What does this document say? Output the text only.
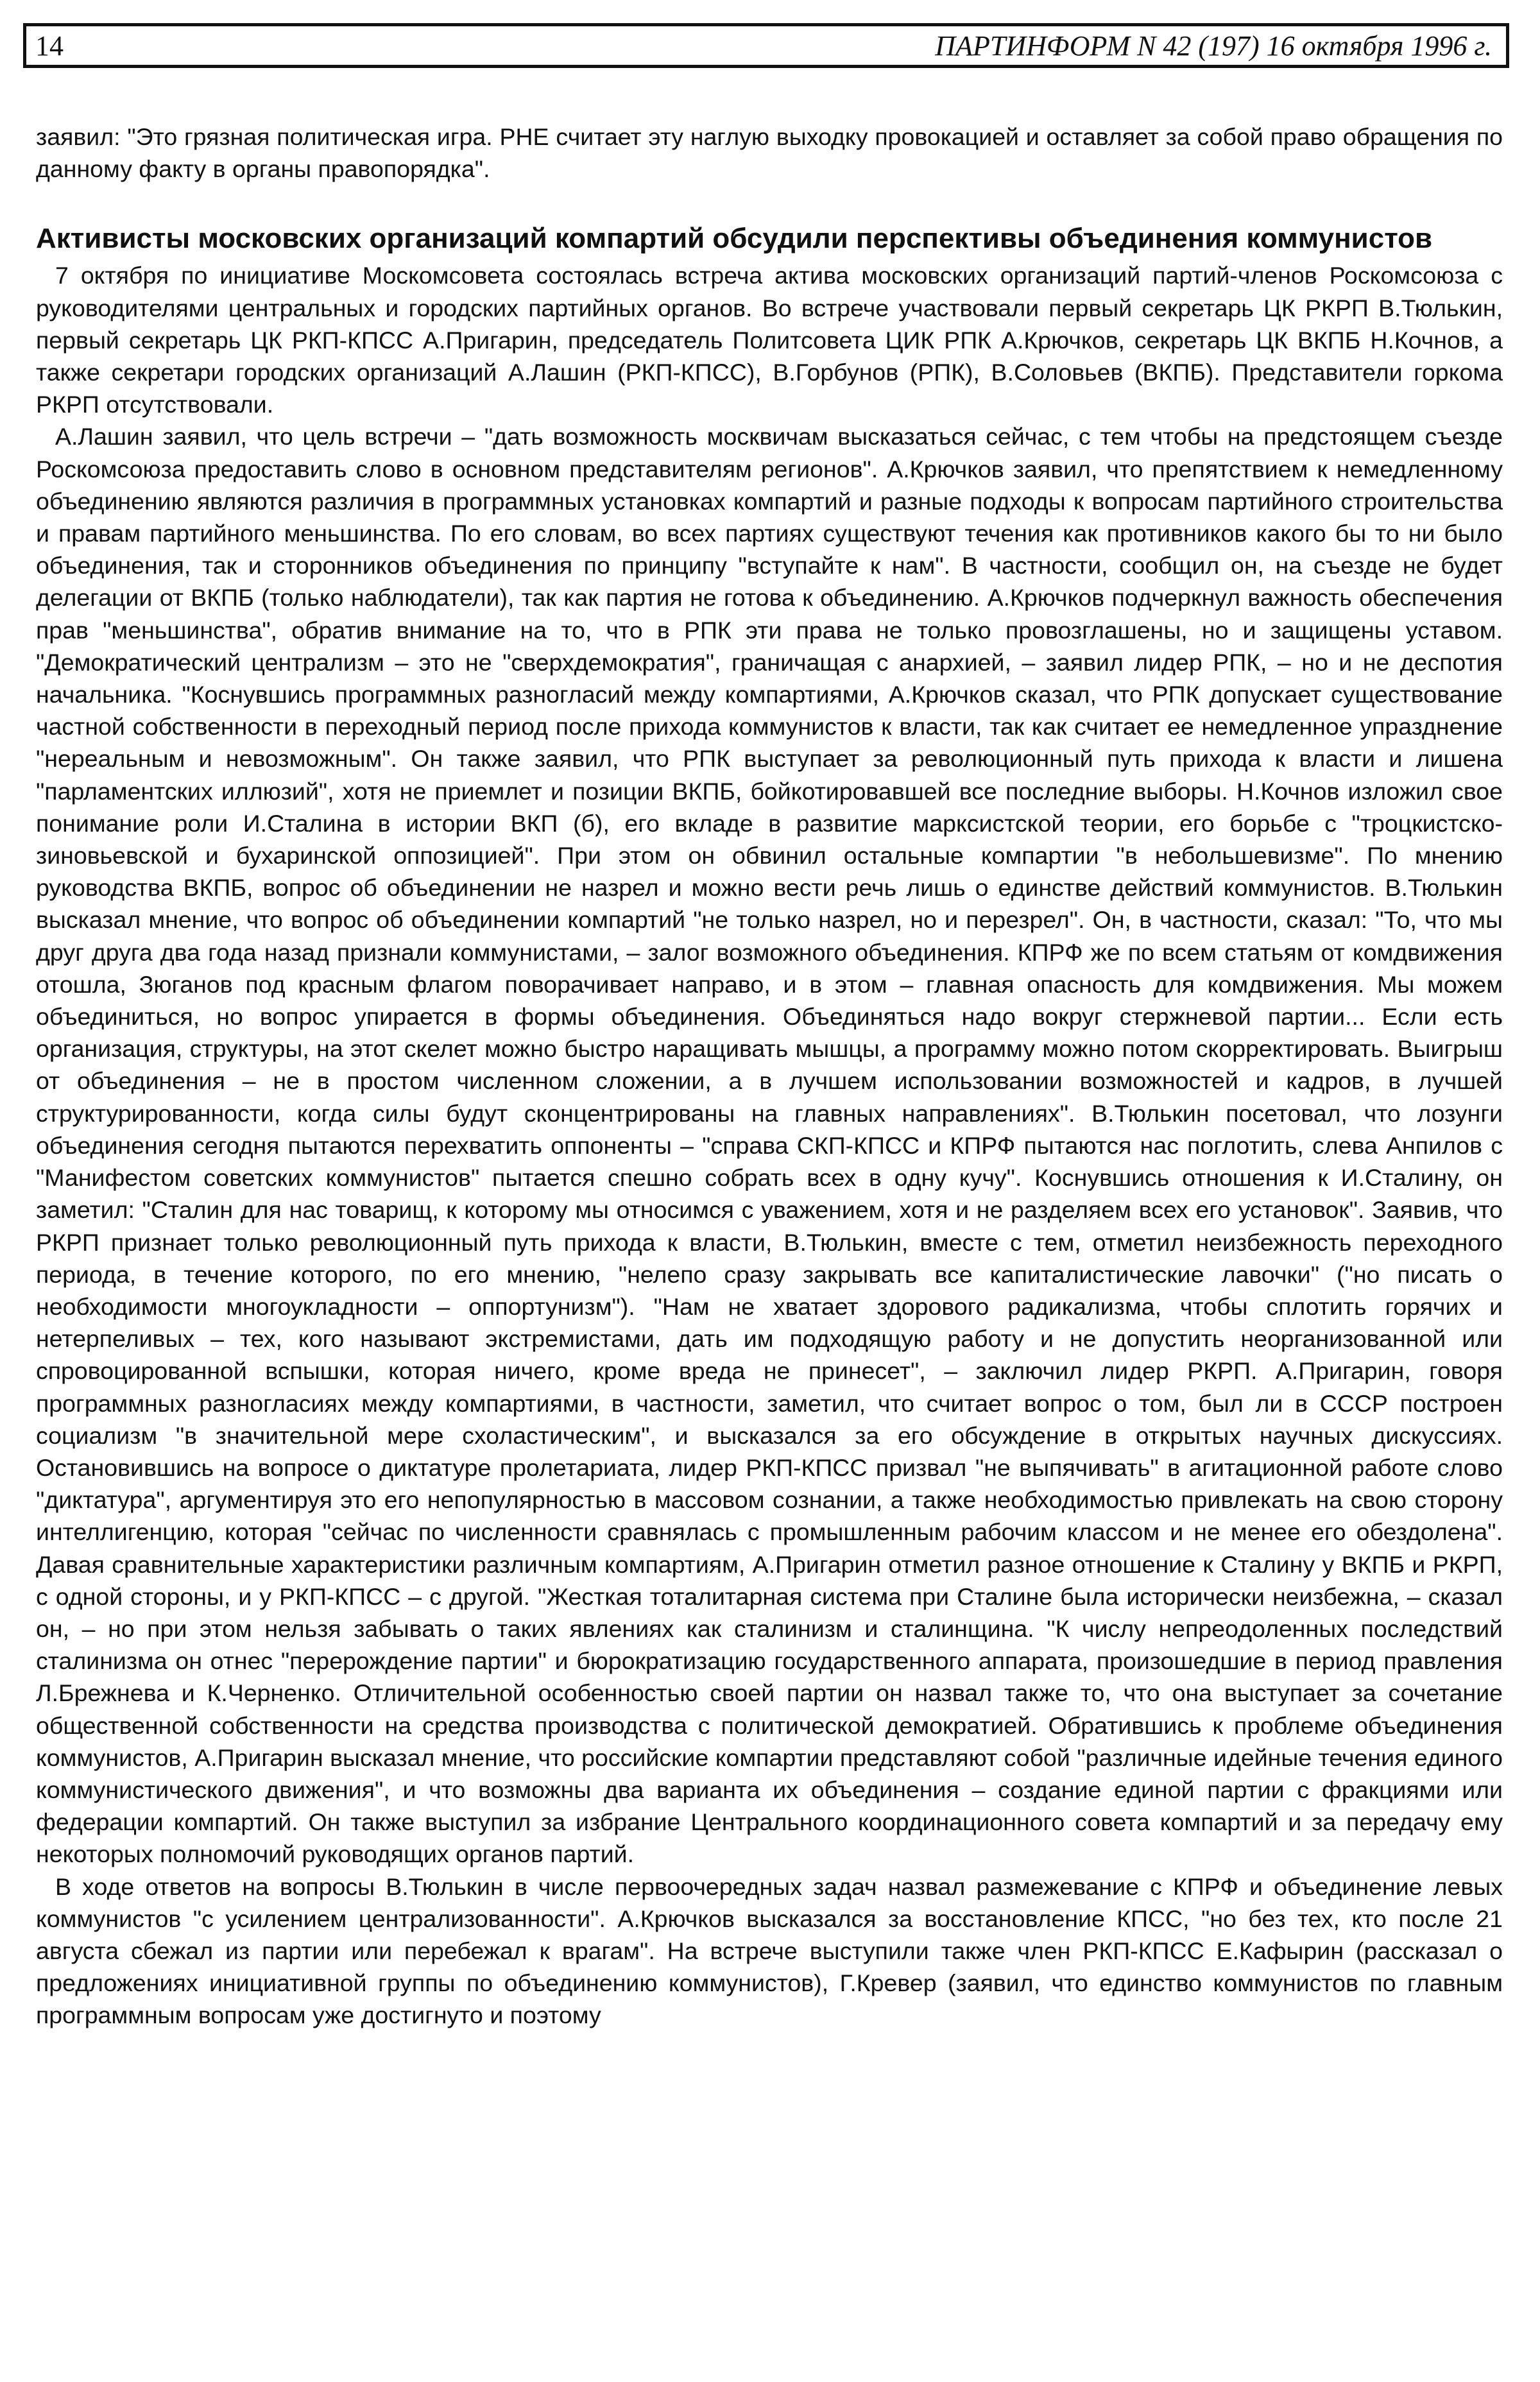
14	ПАРТИНФОРМ N 42 (197) 16 октября 1996 г.

заявил: "Это грязная политическая игра. РНЕ считает эту наглую выходку провокацией и оставляет за собой право обращения по данному факту в органы правопорядка".

Активисты московских организаций компартий обсудили перспективы объединения коммунистов

7 октября по инициативе Москомсовета состоялась встреча актива московских организаций партий-членов Роскомсоюза с руководителями центральных и городских партийных органов. Во встрече участвовали первый секретарь ЦК РКРП В.Тюлькин, первый секретарь ЦК РКП-КПСС А.Пригарин, председатель Политсовета ЦИК РПК А.Крючков, секретарь ЦК ВКПБ Н.Кочнов, а также секретари городских организаций А.Лашин (РКП-КПСС), В.Горбунов (РПК), В.Соловьев (ВКПБ). Представители горкома РКРП отсутствовали.

А.Лашин заявил, что цель встречи – "дать возможность москвичам высказаться сейчас, с тем чтобы на предстоящем съезде Роскомсоюза предоставить слово в основном представителям регионов". А.Крючков заявил, что препятствием к немедленному объединению являются различия в программных установках компартий и разные подходы к вопросам партийного строительства и правам партийного меньшинства. По его словам, во всех партиях существуют течения как противников какого бы то ни было объединения, так и сторонников объединения по принципу "вступайте к нам". В частности, сообщил он, на съезде не будет делегации от ВКПБ (только наблюдатели), так как партия не готова к объединению. А.Крючков подчеркнул важность обеспечения прав "меньшинства", обратив внимание на то, что в РПК эти права не только провозглашены, но и защищены уставом. "Демократический централизм – это не "сверхдемократия", граничащая с анархией, – заявил лидер РПК, – но и не деспотия начальника. "Коснувшись программных разногласий между компартиями, А.Крючков сказал, что РПК допускает существование частной собственности в переходный период после прихода коммунистов к власти, так как считает ее немедленное упразднение "нереальным и невозможным". Он также заявил, что РПК выступает за революционный путь прихода к власти и лишена "парламентских иллюзий", хотя не приемлет и позиции ВКПБ, бойкотировавшей все последние выборы. Н.Кочнов изложил свое понимание роли И.Сталина в истории ВКП (б), его вкладе в развитие марксистской теории, его борьбе с "троцкистско-зиновьевской и бухаринской оппозицией". При этом он обвинил остальные компартии "в небольшевизме". По мнению руководства ВКПБ, вопрос об объединении не назрел и можно вести речь лишь о единстве действий коммунистов. В.Тюлькин высказал мнение, что вопрос об объединении компартий "не только назрел, но и перезрел". Он, в частности, сказал: "То, что мы друг друга два года назад признали коммунистами, – залог возможного объединения. КПРФ же по всем статьям от комдвижения отошла, Зюганов под красным флагом поворачивает направо, и в этом – главная опасность для комдвижения. Мы можем объединиться, но вопрос упирается в формы объединения. Объединяться надо вокруг стержневой партии... Если есть организация, структуры, на этот скелет можно быстро наращивать мышцы, а программу можно потом скорректировать. Выигрыш от объединения – не в простом численном сложении, а в лучшем использовании возможностей и кадров, в лучшей структурированности, когда силы будут сконцентрированы на главных направлениях". В.Тюлькин посетовал, что лозунги объединения сегодня пытаются перехватить оппоненты – "справа СКП-КПСС и КПРФ пытаются нас поглотить, слева Анпилов с "Манифестом советских коммунистов" пытается спешно собрать всех в одну кучу". Коснувшись отношения к И.Сталину, он заметил: "Сталин для нас товарищ, к которому мы относимся с уважением, хотя и не разделяем всех его установок". Заявив, что РКРП признает только революционный путь прихода к власти, В.Тюлькин, вместе с тем, отметил неизбежность переходного периода, в течение которого, по его мнению, "нелепо сразу закрывать все капиталистические лавочки" ("но писать о необходимости многоукладности – оппортунизм"). "Нам не хватает здорового радикализма, чтобы сплотить горячих и нетерпеливых – тех, кого называют экстремистами, дать им подходящую работу и не допустить неорганизованной или спровоцированной вспышки, которая ничего, кроме вреда не принесет", – заключил лидер РКРП. А.Пригарин, говоря программных разногласиях между компартиями, в частности, заметил, что считает вопрос о том, был ли в СССР построен социализм "в значительной мере схоластическим", и высказался за его обсуждение в открытых научных дискуссиях. Остановившись на вопросе о диктатуре пролетариата, лидер РКП-КПСС призвал "не выпячивать" в агитационной работе слово "диктатура", аргументируя это его непопулярностью в массовом сознании, а также необходимостью привлекать на свою сторону интеллигенцию, которая "сейчас по численности сравнялась с промышленным рабочим классом и не менее его обездолена". Давая сравнительные характеристики различным компартиям, А.Пригарин отметил разное отношение к Сталину у ВКПБ и РКРП, с одной стороны, и у РКП-КПСС – с другой. "Жесткая тоталитарная система при Сталине была исторически неизбежна, – сказал он, – но при этом нельзя забывать о таких явлениях как сталинизм и сталинщина. "К числу непреодоленных последствий сталинизма он отнес "перерождение партии" и бюрократизацию государственного аппарата, произошедшие в период правления Л.Брежнева и К.Черненко. Отличительной особенностью своей партии он назвал также то, что она выступает за сочетание общественной собственности на средства производства с политической демократией. Обратившись к проблеме объединения коммунистов, А.Пригарин высказал мнение, что российские компартии представляют собой "различные идейные течения единого коммунистического движения", и что возможны два варианта их объединения – создание единой партии с фракциями или федерации компартий. Он также выступил за избрание Центрального координационного совета компартий и за передачу ему некоторых полномочий руководящих органов партий.

В ходе ответов на вопросы В.Тюлькин в числе первоочередных задач назвал размежевание с КПРФ и объединение левых коммунистов "с усилением централизованности". А.Крючков высказался за восстановление КПСС, "но без тех, кто после 21 августа сбежал из партии или перебежал к врагам". На встрече выступили также член РКП-КПСС Е.Кафырин (рассказал о предложениях инициативной группы по объединению коммунистов), Г.Кревер (заявил, что единство коммунистов по главным программным вопросам уже достигнуто и поэтому
